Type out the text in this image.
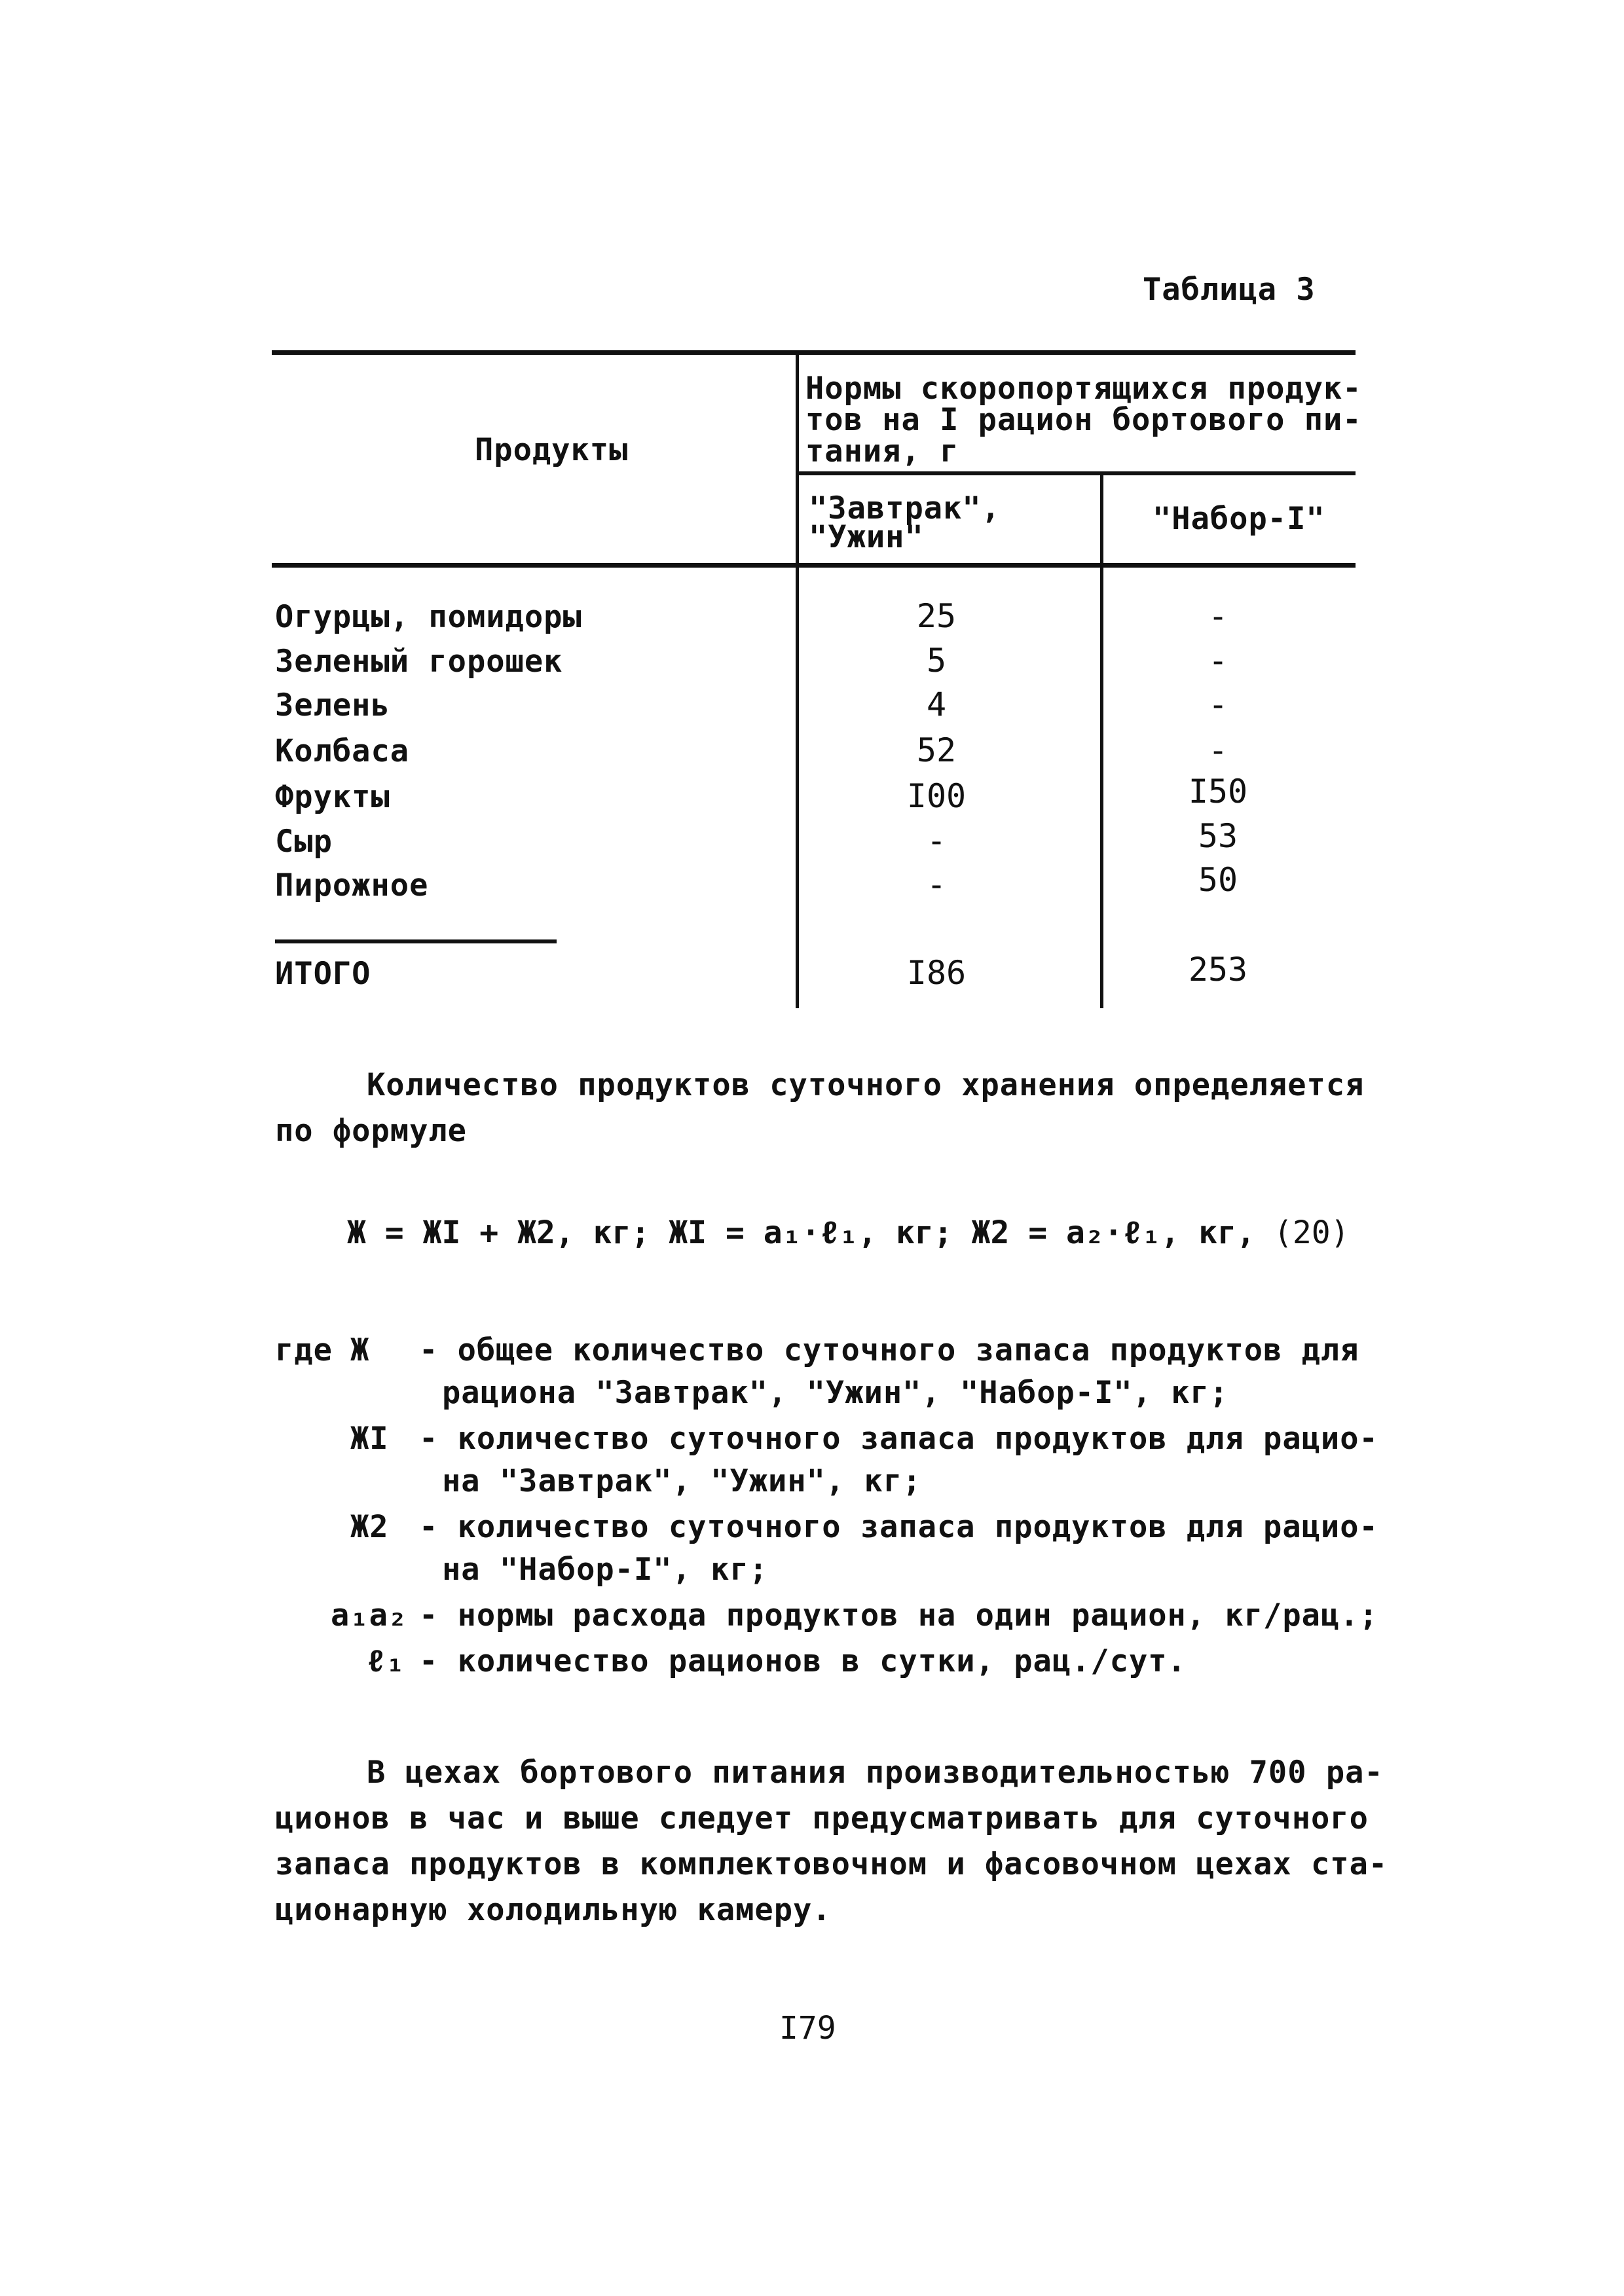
Таблица 3
Продукты
Нормы скоропортящихся продук-
тов на I рацион бортового пи-
тания, г
"Завтрак",
"Ужин"
"Набор-I"
Огурцы, помидоры	25	-
Зеленый горошек	5	-
Зелень	4	-
Колбаса	52	-
Фрукты	I00	I50
Сыр	-	53
Пирожное	-	50
ИТОГО	I86	253
Количество продуктов суточного хранения определяется
по формуле
Ж = ЖI + Ж2, кг; ЖI = a₁·ℓ₁, кг; Ж2 = a₂·ℓ₁, кг, (20)
где Ж - общее количество суточного запаса продуктов для
рациона "Завтрак", "Ужин", "Набор-I", кг;
ЖI - количество суточного запаса продуктов для рацио-
на "Завтрак", "Ужин", кг;
Ж2 - количество суточного запаса продуктов для рацио-
на "Набор-I", кг;
a₁a₂ - нормы расхода продуктов на один рацион, кг/рац.;
ℓ₁ - количество рационов в сутки, рац./сут.
В цехах бортового питания производительностью 700 ра-
ционов в час и выше следует предусматривать для суточного
запаса продуктов в комплектовочном и фасовочном цехах ста-
ционарную холодильную камеру.
I79
